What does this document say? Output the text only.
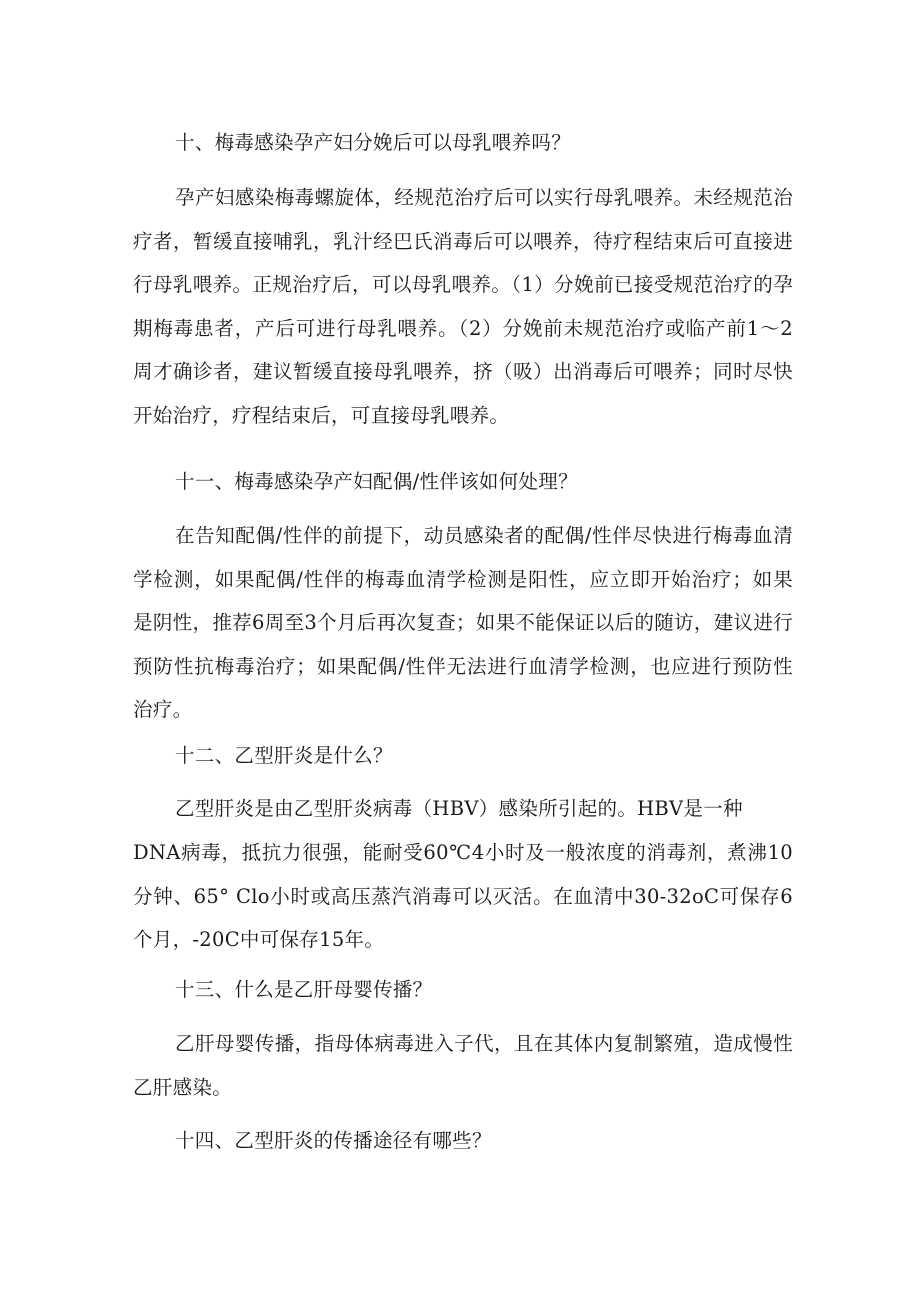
十、梅毒感染孕产妇分娩后可以母乳喂养吗？

孕产妇感染梅毒螺旋体，经规范治疗后可以实行母乳喂养。未经规范治疗者，暂缓直接哺乳，乳汁经巴氏消毒后可以喂养，待疗程结束后可直接进行母乳喂养。正规治疗后，可以母乳喂养。（1）分娩前已接受规范治疗的孕期梅毒患者，产后可进行母乳喂养。（2）分娩前未规范治疗或临产前1～2周才确诊者，建议暂缓直接母乳喂养，挤（吸）出消毒后可喂养；同时尽快开始治疗，疗程结束后，可直接母乳喂养。

十一、梅毒感染孕产妇配偶/性伴该如何处理？

在告知配偶/性伴的前提下，动员感染者的配偶/性伴尽快进行梅毒血清学检测，如果配偶/性伴的梅毒血清学检测是阳性，应立即开始治疗；如果是阴性，推荐6周至3个月后再次复查；如果不能保证以后的随访，建议进行预防性抗梅毒治疗；如果配偶/性伴无法进行血清学检测，也应进行预防性治疗。

十二、乙型肝炎是什么？

乙型肝炎是由乙型肝炎病毒（HBV）感染所引起的。HBV是一种

DNA病毒，抵抗力很强，能耐受60℃4小时及一般浓度的消毒剂，煮沸10分钟、65° Clo小时或高压蒸汽消毒可以灭活。在血清中30-32oC可保存6个月，-20C中可保存15年。

十三、什么是乙肝母婴传播？

乙肝母婴传播，指母体病毒进入子代，且在其体内复制繁殖，造成慢性乙肝感染。

十四、乙型肝炎的传播途径有哪些？
